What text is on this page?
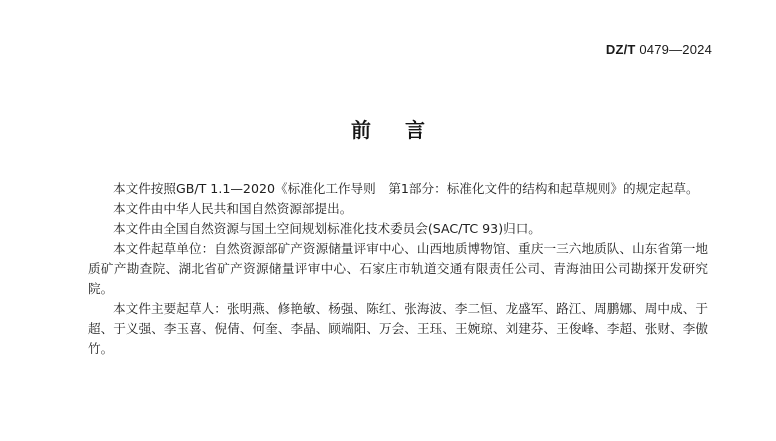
DZ/T 0479—2024
前言

本文件按照GB/T 1.1—2020《标准化工作导则　第1部分：标准化文件的结构和起草规则》的规定起草。

本文件由中华人民共和国自然资源部提出。

本文件由全国自然资源与国土空间规划标准化技术委员会(SAC/TC 93)归口。

本文件起草单位：自然资源部矿产资源储量评审中心、山西地质博物馆、重庆一三六地质队、山东省第一地质矿产勘查院、湖北省矿产资源储量评审中心、石家庄市轨道交通有限责任公司、青海油田公司勘探开发研究院。

本文件主要起草人：张明燕、修艳敏、杨强、陈红、张海波、李二恒、龙盛军、路江、周鹏娜、周中成、于超、于义强、李玉喜、倪倩、何奎、李晶、顾端阳、万会、王珏、王婉琼、刘建芬、王俊峰、李超、张财、李傲竹。
